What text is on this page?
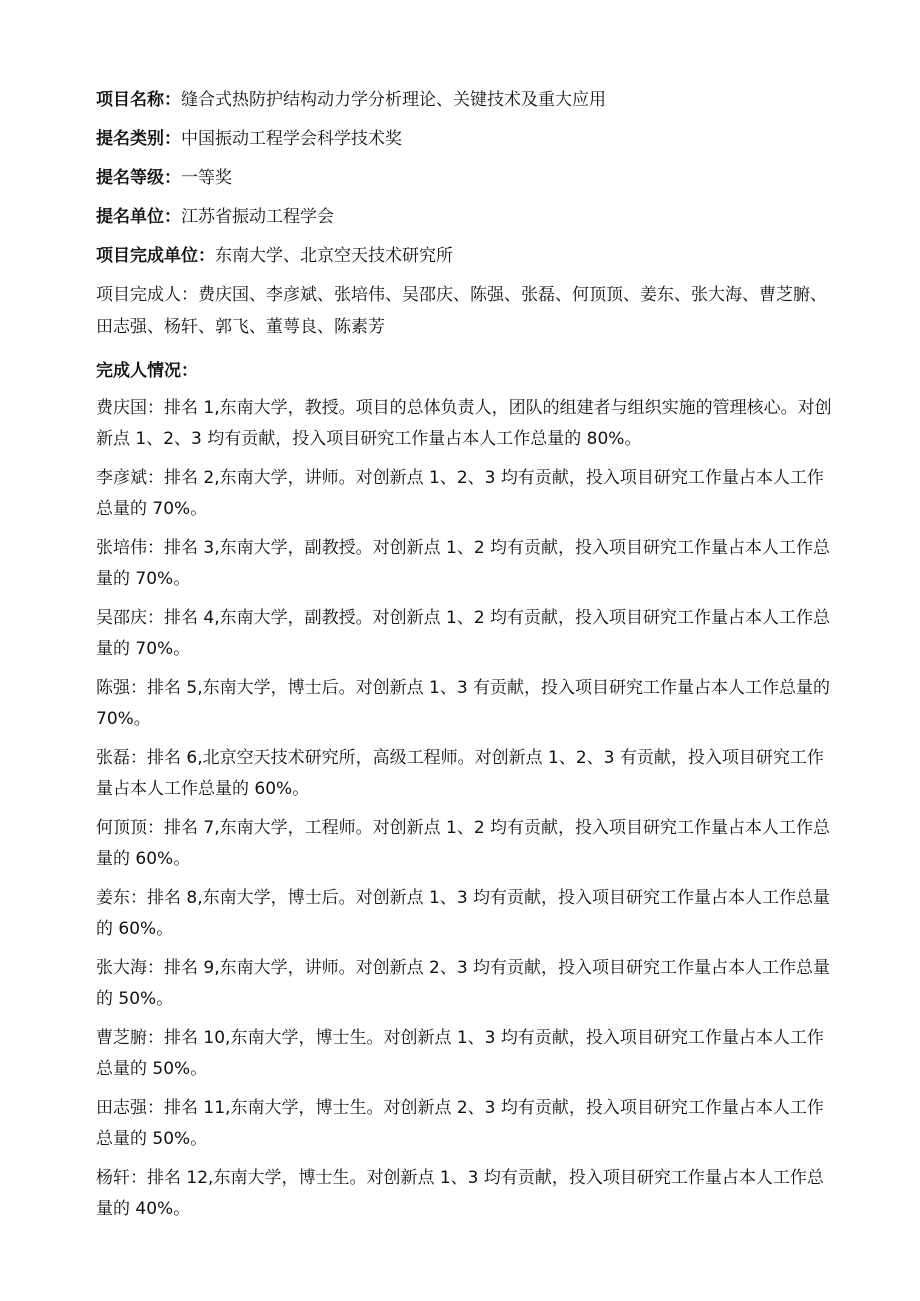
项目名称：缝合式热防护结构动力学分析理论、关键技术及重大应用
提名类别：中国振动工程学会科学技术奖
提名等级：一等奖
提名单位：江苏省振动工程学会
项目完成单位：东南大学、北京空天技术研究所
项目完成人：费庆国、李彦斌、张培伟、吴邵庆、陈强、张磊、何顶顶、姜东、张大海、曹芝腑、田志强、杨轩、郭飞、董萼良、陈素芳
完成人情况：
费庆国：排名 1,东南大学，教授。项目的总体负责人，团队的组建者与组织实施的管理核心。对创新点 1、2、3 均有贡献，投入项目研究工作量占本人工作总量的 80%。
李彦斌：排名 2,东南大学，讲师。对创新点 1、2、3 均有贡献，投入项目研究工作量占本人工作总量的 70%。
张培伟：排名 3,东南大学，副教授。对创新点 1、2 均有贡献，投入项目研究工作量占本人工作总量的 70%。
吴邵庆：排名 4,东南大学，副教授。对创新点 1、2 均有贡献，投入项目研究工作量占本人工作总量的 70%。
陈强：排名 5,东南大学，博士后。对创新点 1、3 有贡献，投入项目研究工作量占本人工作总量的 70%。
张磊：排名 6,北京空天技术研究所，高级工程师。对创新点 1、2、3 有贡献，投入项目研究工作量占本人工作总量的 60%。
何顶顶：排名 7,东南大学，工程师。对创新点 1、2 均有贡献，投入项目研究工作量占本人工作总量的 60%。
姜东：排名 8,东南大学，博士后。对创新点 1、3 均有贡献，投入项目研究工作量占本人工作总量的 60%。
张大海：排名 9,东南大学，讲师。对创新点 2、3 均有贡献，投入项目研究工作量占本人工作总量的 50%。
曹芝腑：排名 10,东南大学，博士生。对创新点 1、3 均有贡献，投入项目研究工作量占本人工作总量的 50%。
田志强：排名 11,东南大学，博士生。对创新点 2、3 均有贡献，投入项目研究工作量占本人工作总量的 50%。
杨轩：排名 12,东南大学，博士生。对创新点 1、3 均有贡献，投入项目研究工作量占本人工作总量的 40%。
